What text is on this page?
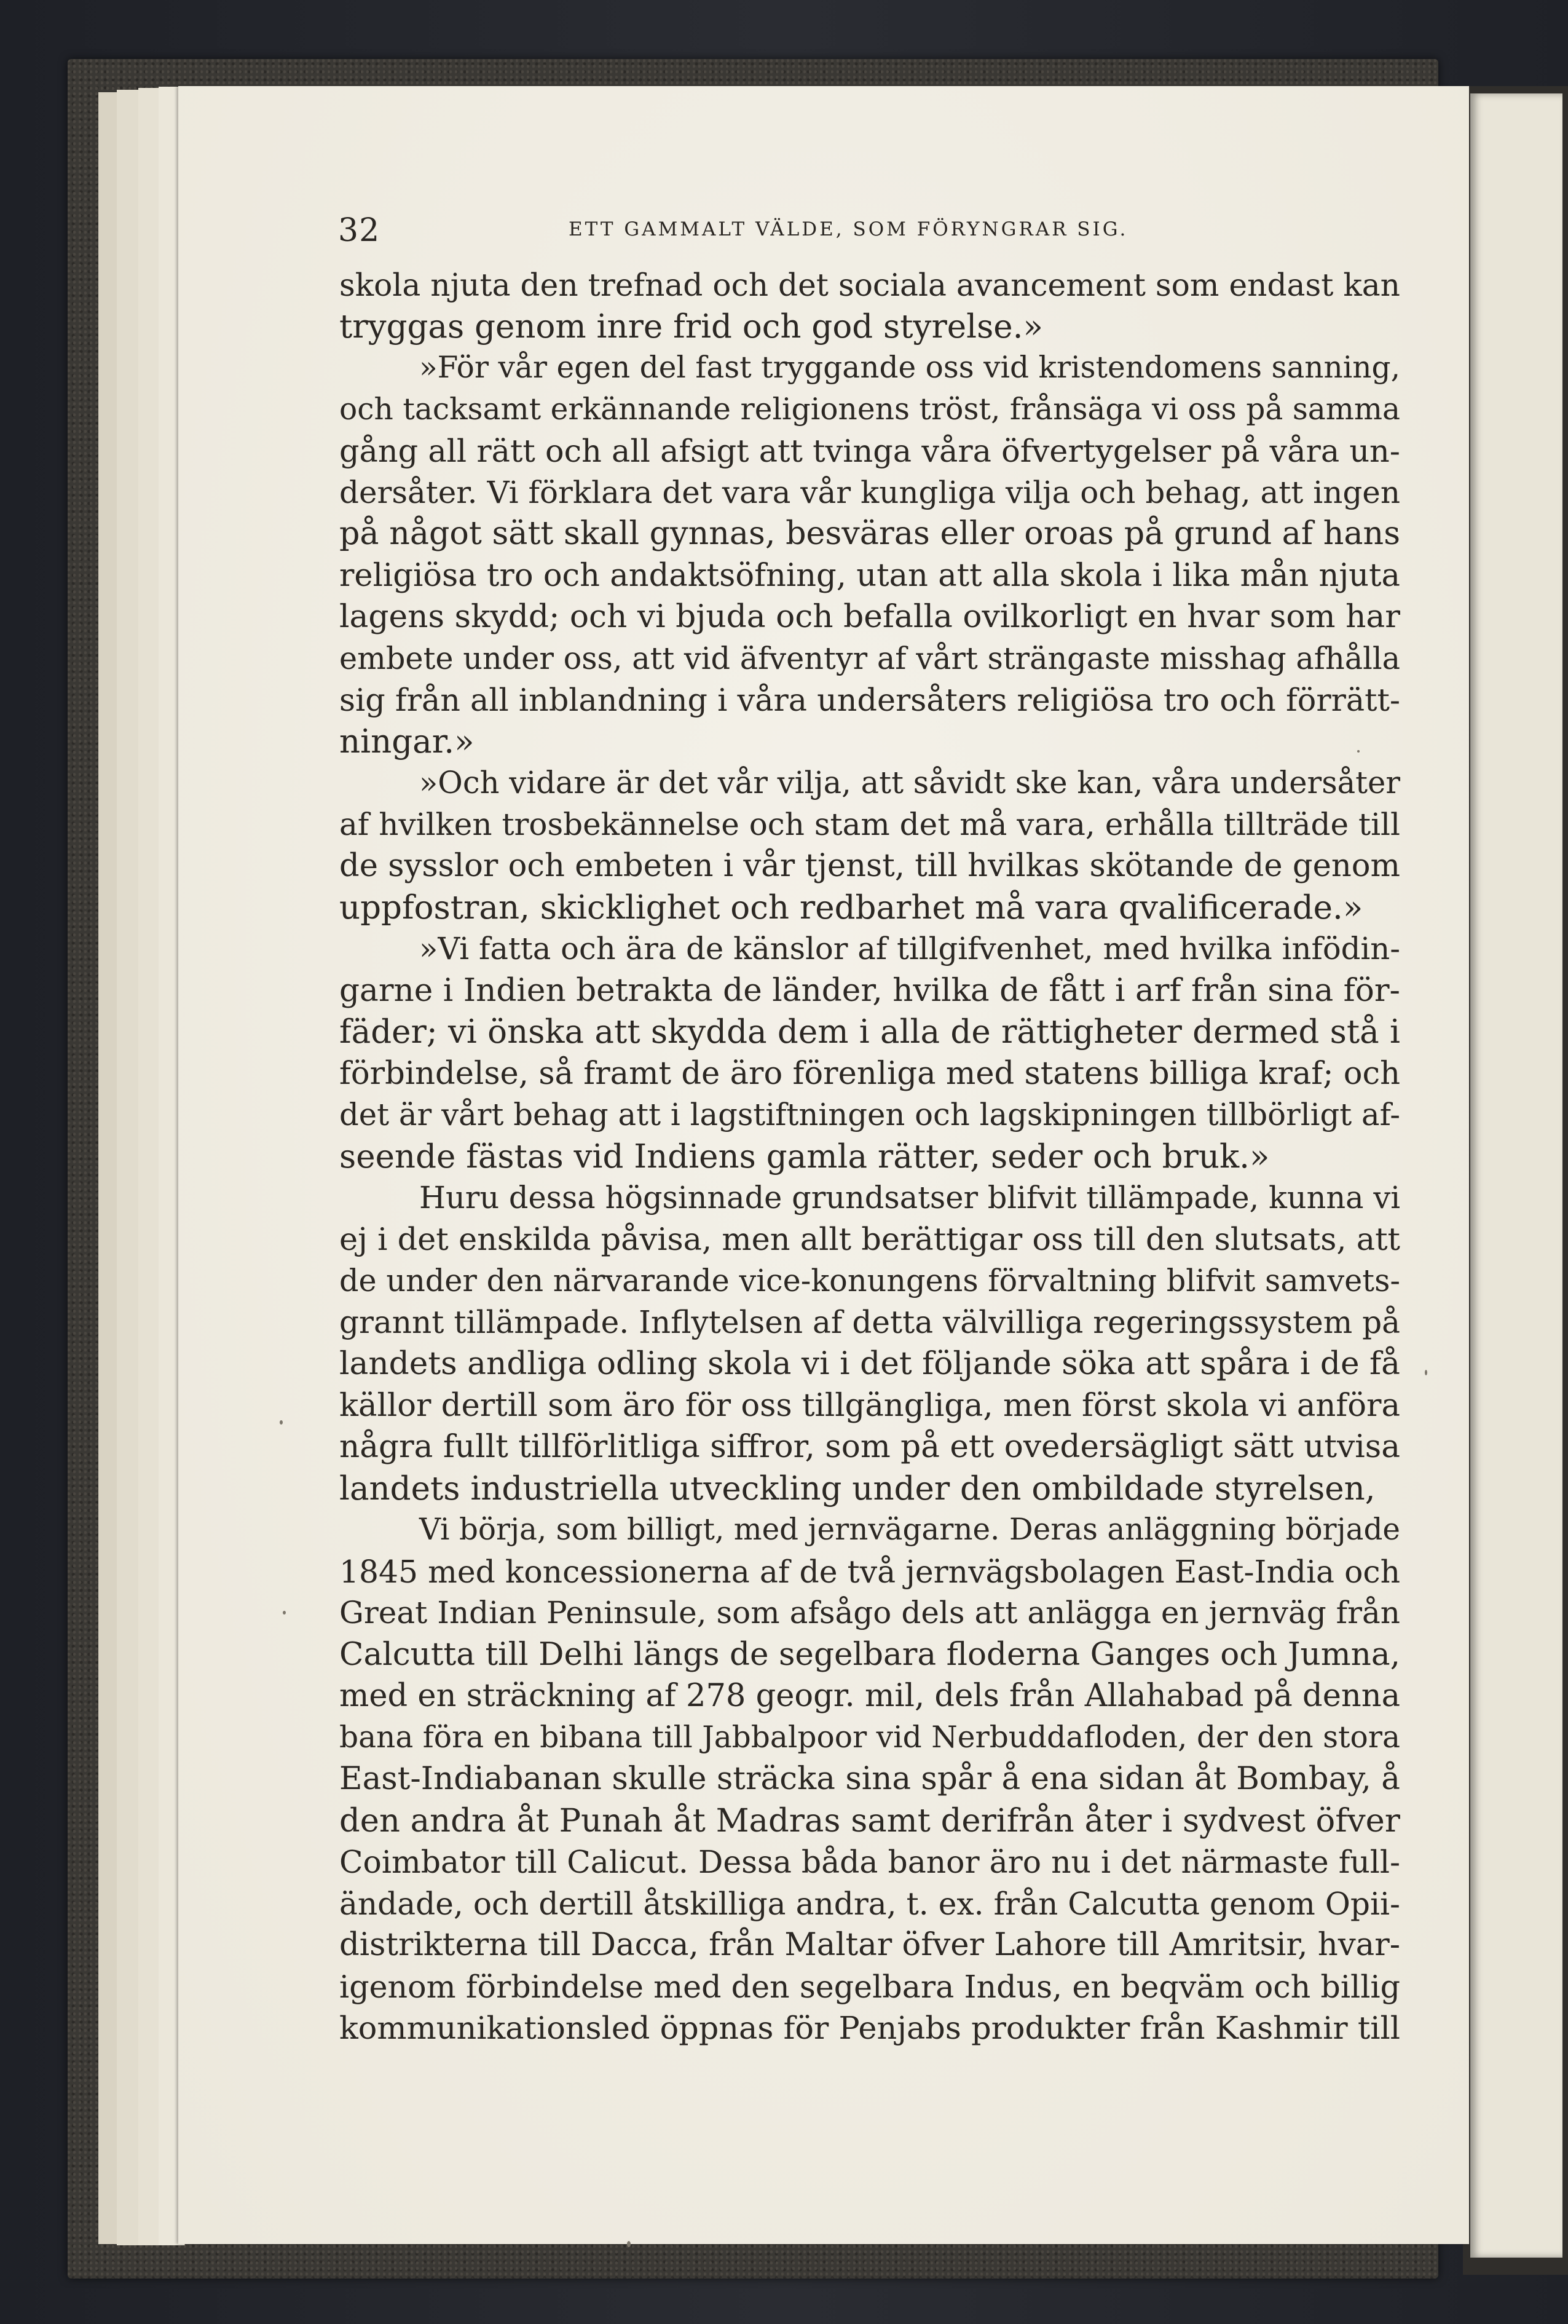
32	ETT GAMMALT VÄLDE, SOM FÖRYNGRAR SIG.
skola njuta den trefnad och det sociala avancement som endast kan
tryggas genom inre frid och god styrelse.»
»För vår egen del fast tryggande oss vid kristendomens sanning,
och tacksamt erkännande religionens tröst, frånsäga vi oss på samma
gång all rätt och all afsigt att tvinga våra öfvertygelser på våra un-
dersåter. Vi förklara det vara vår kungliga vilja och behag, att ingen
på något sätt skall gynnas, besväras eller oroas på grund af hans
religiösa tro och andaktsöfning, utan att alla skola i lika mån njuta
lagens skydd; och vi bjuda och befalla ovilkorligt en hvar som har
embete under oss, att vid äfventyr af vårt strängaste misshag afhålla
sig från all inblandning i våra undersåters religiösa tro och förrätt-
ningar.»
»Och vidare är det vår vilja, att såvidt ske kan, våra undersåter
af hvilken trosbekännelse och stam det må vara, erhålla tillträde till
de sysslor och embeten i vår tjenst, till hvilkas skötande de genom
uppfostran, skicklighet och redbarhet må vara qvalificerade.»
»Vi fatta och ära de känslor af tillgifvenhet, med hvilka infödin-
garne i Indien betrakta de länder, hvilka de fått i arf från sina för-
fäder; vi önska att skydda dem i alla de rättigheter dermed stå i
förbindelse, så framt de äro förenliga med statens billiga kraf; och
det är vårt behag att i lagstiftningen och lagskipningen tillbörligt af-
seende fästas vid Indiens gamla rätter, seder och bruk.»
Huru dessa högsinnade grundsatser blifvit tillämpade, kunna vi
ej i det enskilda påvisa, men allt berättigar oss till den slutsats, att
de under den närvarande vice-konungens förvaltning blifvit samvets-
grannt tillämpade. Inflytelsen af detta välvilliga regeringssystem på
landets andliga odling skola vi i det följande söka att spåra i de få
källor dertill som äro för oss tillgängliga, men först skola vi anföra
några fullt tillförlitliga siffror, som på ett ovedersägligt sätt utvisa
landets industriella utveckling under den ombildade styrelsen,
Vi börja, som billigt, med jernvägarne. Deras anläggning började
1845 med koncessionerna af de två jernvägsbolagen East-India och
Great Indian Peninsule, som afsågo dels att anlägga en jernväg från
Calcutta till Delhi längs de segelbara floderna Ganges och Jumna,
med en sträckning af 278 geogr. mil, dels från Allahabad på denna
bana föra en bibana till Jabbalpoor vid Nerbuddafloden, der den stora
East-Indiabanan skulle sträcka sina spår å ena sidan åt Bombay, å
den andra åt Punah åt Madras samt derifrån åter i sydvest öfver
Coimbator till Calicut. Dessa båda banor äro nu i det närmaste full-
ändade, och dertill åtskilliga andra, t. ex. från Calcutta genom Opii-
distrikterna till Dacca, från Maltar öfver Lahore till Amritsir, hvar-
igenom förbindelse med den segelbara Indus, en beqväm och billig
kommunikationsled öppnas för Penjabs produkter från Kashmir till
